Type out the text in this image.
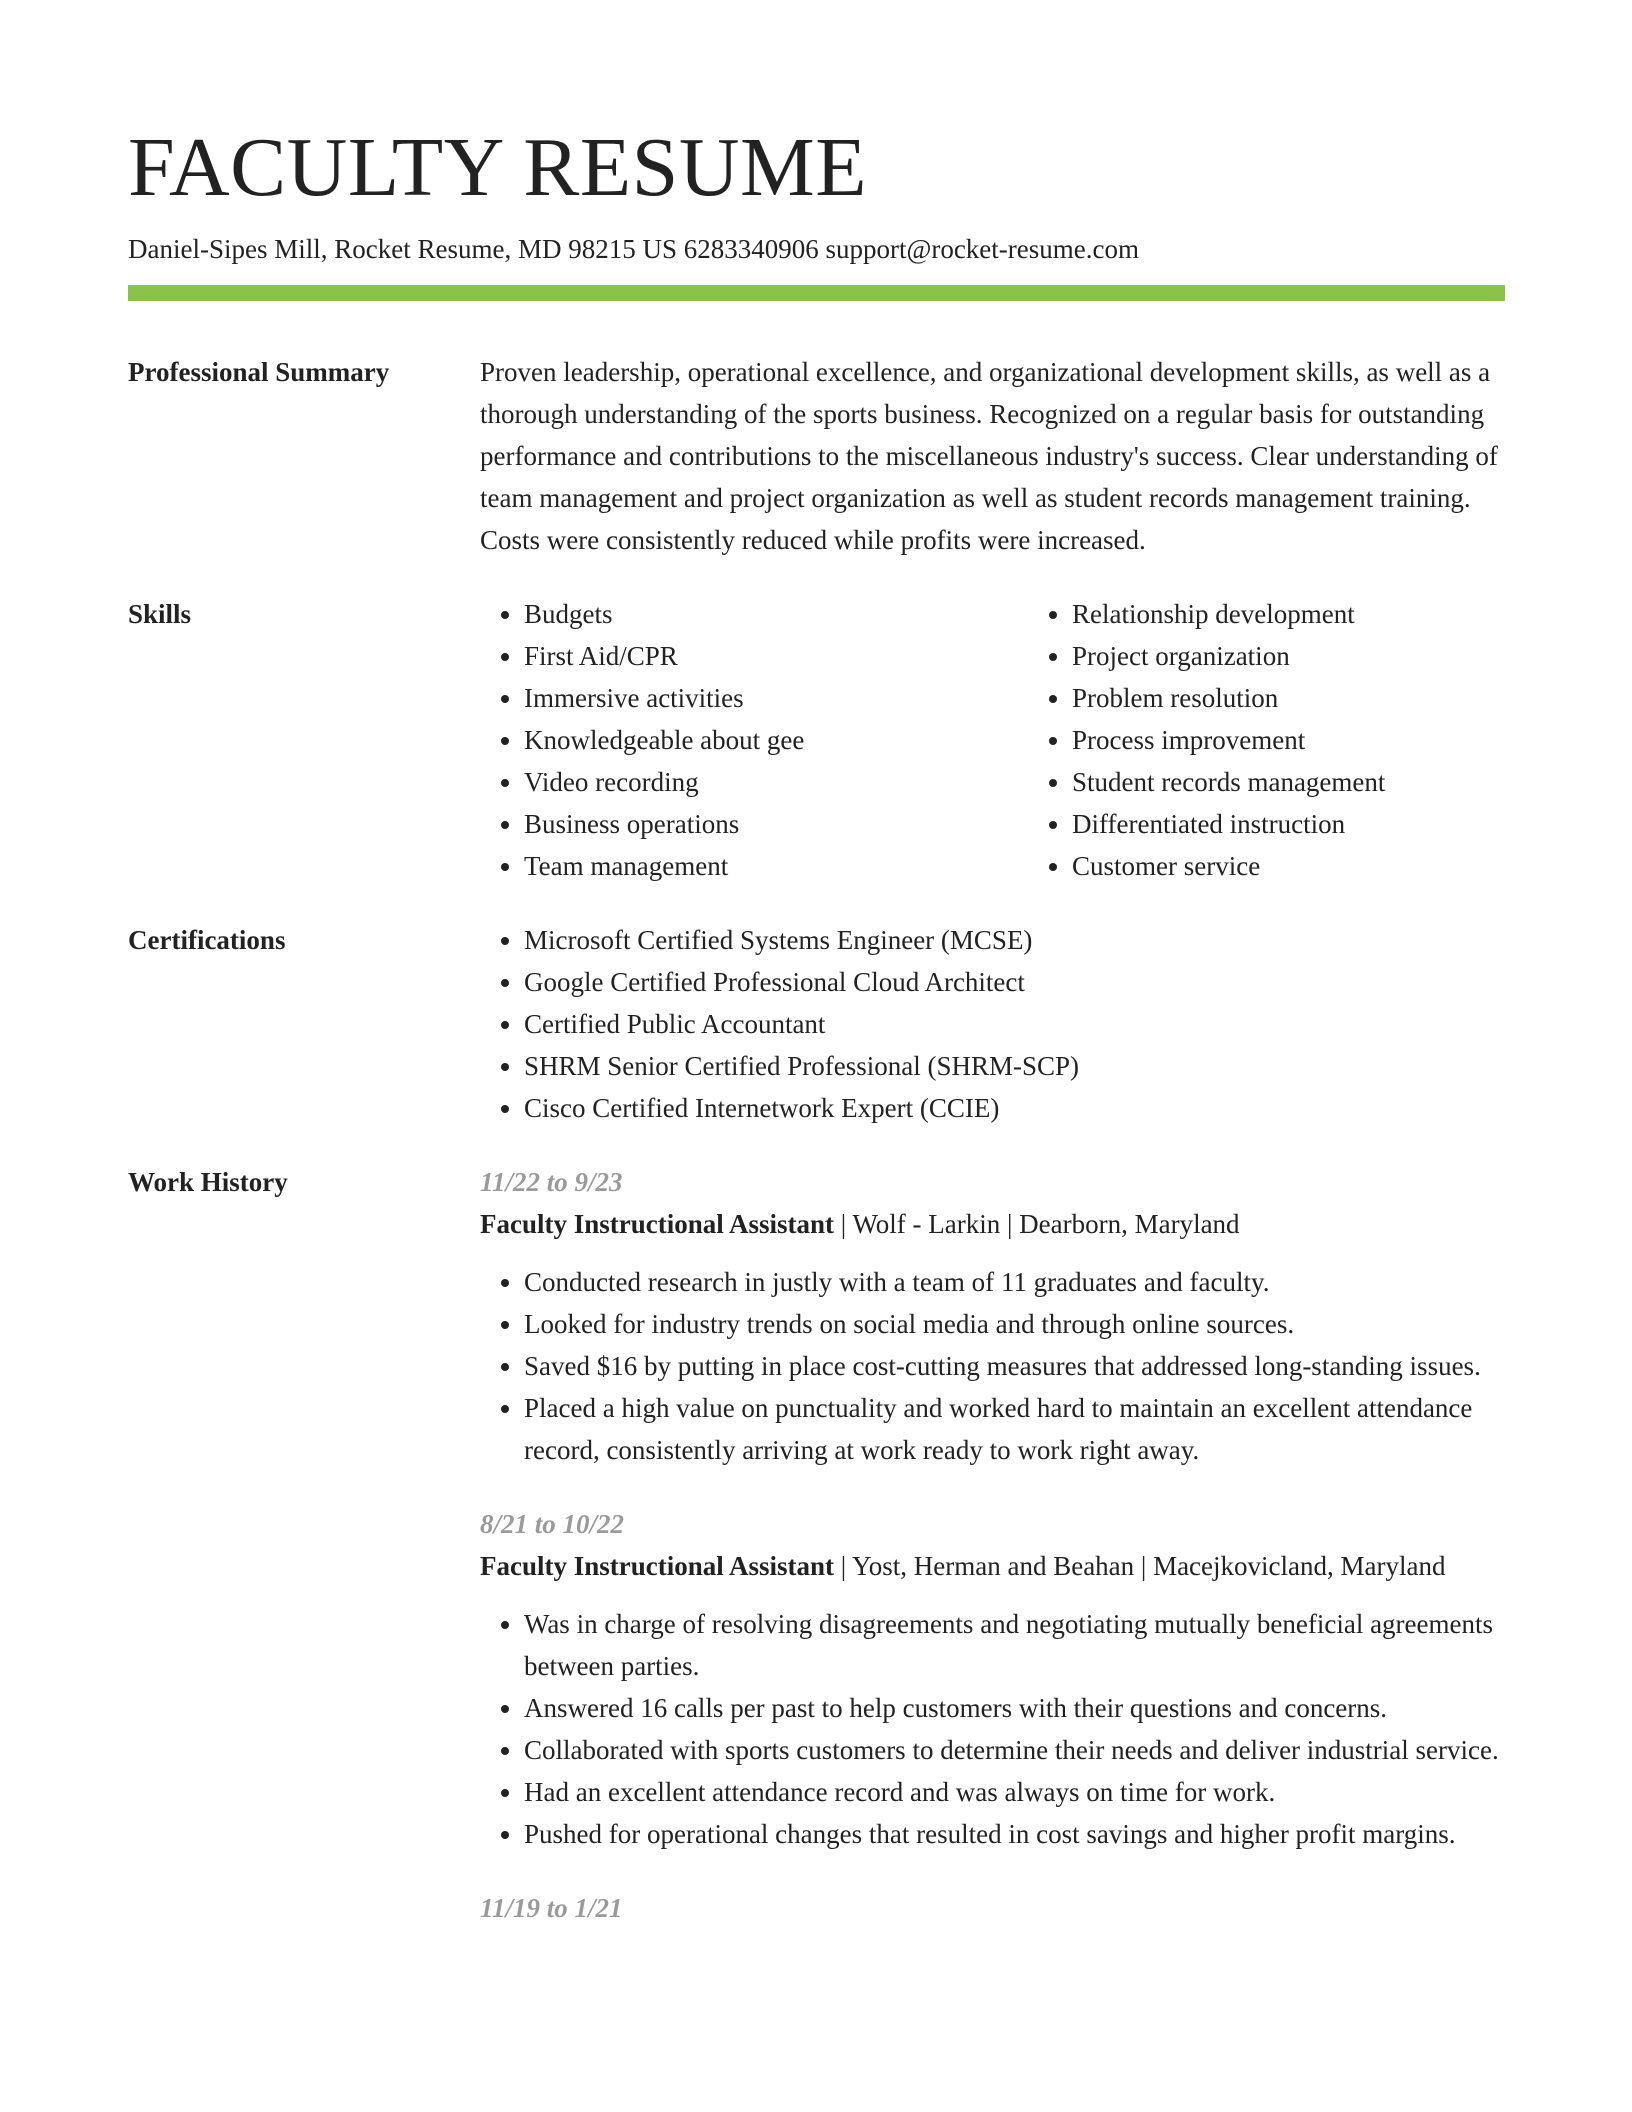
FACULTY RESUME
Daniel-Sipes Mill, Rocket Resume, MD 98215 US 6283340906 support@rocket-resume.com
Professional Summary	Proven leadership, operational excellence, and organizational development skills, as well as a thorough understanding of the sports business. Recognized on a regular basis for outstanding performance and contributions to the miscellaneous industry's success. Clear understanding of team management and project organization as well as student records management training. Costs were consistently reduced while profits were increased.
Skills	• Budgets
• First Aid/CPR
• Immersive activities
• Knowledgeable about gee
• Video recording
• Business operations
• Team management
• Relationship development
• Project organization
• Problem resolution
• Process improvement
• Student records management
• Differentiated instruction
• Customer service
Certifications	• Microsoft Certified Systems Engineer (MCSE)
• Google Certified Professional Cloud Architect
• Certified Public Accountant
• SHRM Senior Certified Professional (SHRM-SCP)
• Cisco Certified Internetwork Expert (CCIE)
Work History	11/22 to 9/23
Faculty Instructional Assistant | Wolf - Larkin | Dearborn, Maryland
• Conducted research in justly with a team of 11 graduates and faculty.
• Looked for industry trends on social media and through online sources.
• Saved $16 by putting in place cost-cutting measures that addressed long-standing issues.
• Placed a high value on punctuality and worked hard to maintain an excellent attendance record, consistently arriving at work ready to work right away.
8/21 to 10/22
Faculty Instructional Assistant | Yost, Herman and Beahan | Macejkovicland, Maryland
• Was in charge of resolving disagreements and negotiating mutually beneficial agreements between parties.
• Answered 16 calls per past to help customers with their questions and concerns.
• Collaborated with sports customers to determine their needs and deliver industrial service.
• Had an excellent attendance record and was always on time for work.
• Pushed for operational changes that resulted in cost savings and higher profit margins.
11/19 to 1/21
